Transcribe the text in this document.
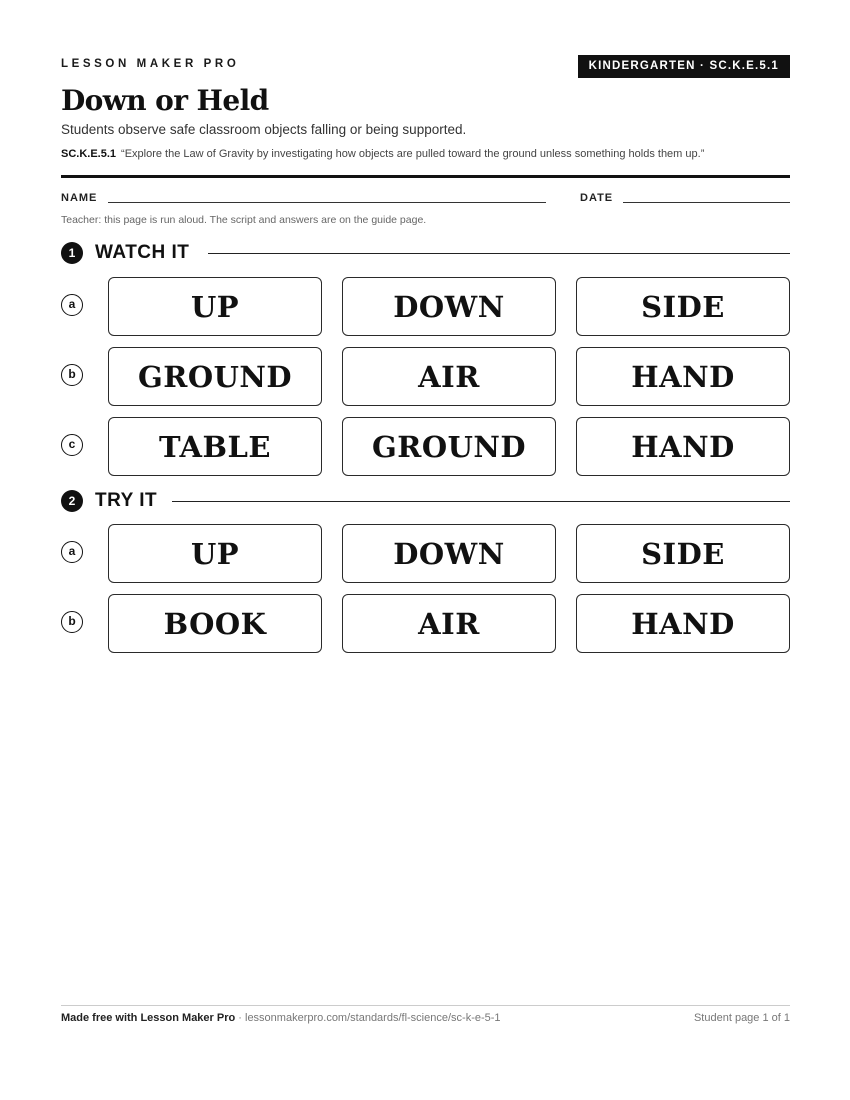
LESSON MAKER PRO	KINDERGARTEN · SC.K.E.5.1
Down or Held
Students observe safe classroom objects falling or being supported.
SC.K.E.5.1 “Explore the Law of Gravity by investigating how objects are pulled toward the ground unless something holds them up.”
NAME	DATE
Teacher: this page is run aloud. The script and answers are on the guide page.
1	WATCH IT
a	UP	DOWN	SIDE
b	GROUND	AIR	HAND
c	TABLE	GROUND	HAND
2	TRY IT
a	UP	DOWN	SIDE
b	BOOK	AIR	HAND
Made free with Lesson Maker Pro · lessonmakerpro.com/standards/fl-science/sc-k-e-5-1	Student page 1 of 1
